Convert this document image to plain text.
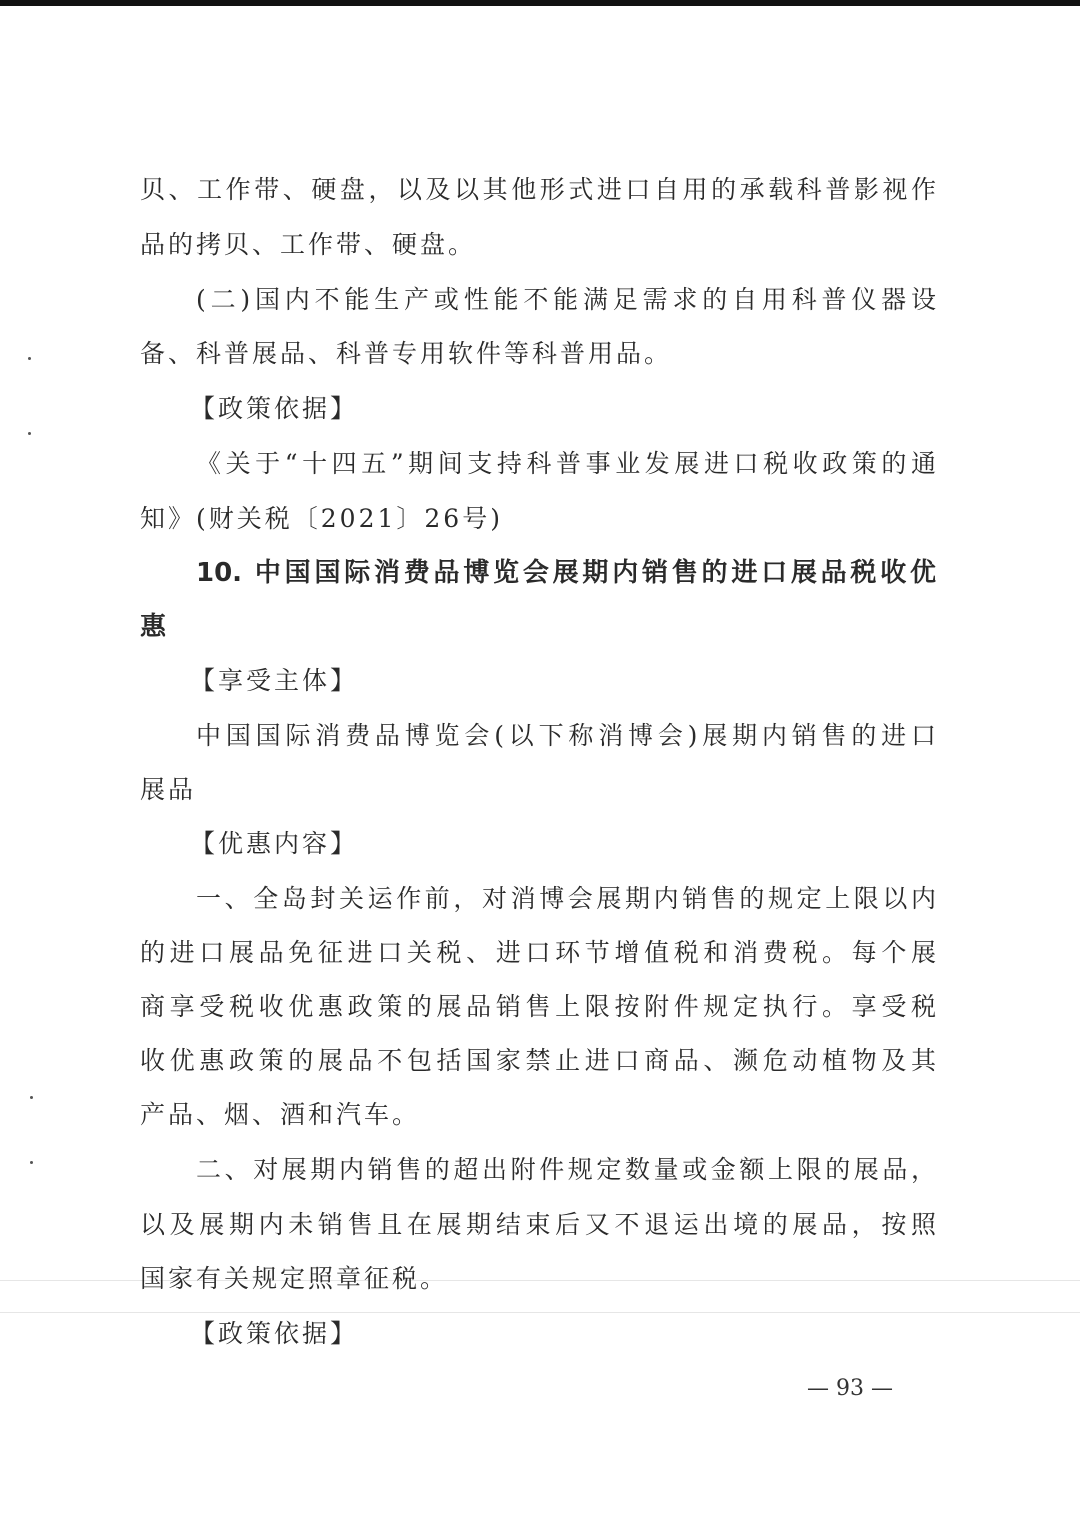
贝、工作带、硬盘，以及以其他形式进口自用的承载科普影视作
品的拷贝、工作带、硬盘。
(二)国内不能生产或性能不能满足需求的自用科普仪器设
备、科普展品、科普专用软件等科普用品。
【政策依据】
《关于“十四五”期间支持科普事业发展进口税收政策的通
知》(财关税〔2021〕26号)
10. 中国国际消费品博览会展期内销售的进口展品税收优
惠
【享受主体】
中国国际消费品博览会(以下称消博会)展期内销售的进口
展品
【优惠内容】
一、全岛封关运作前，对消博会展期内销售的规定上限以内
的进口展品免征进口关税、进口环节增值税和消费税。每个展
商享受税收优惠政策的展品销售上限按附件规定执行。享受税
收优惠政策的展品不包括国家禁止进口商品、濒危动植物及其
产品、烟、酒和汽车。
二、对展期内销售的超出附件规定数量或金额上限的展品，
以及展期内未销售且在展期结束后又不退运出境的展品，按照
国家有关规定照章征税。
【政策依据】
— 93 —
